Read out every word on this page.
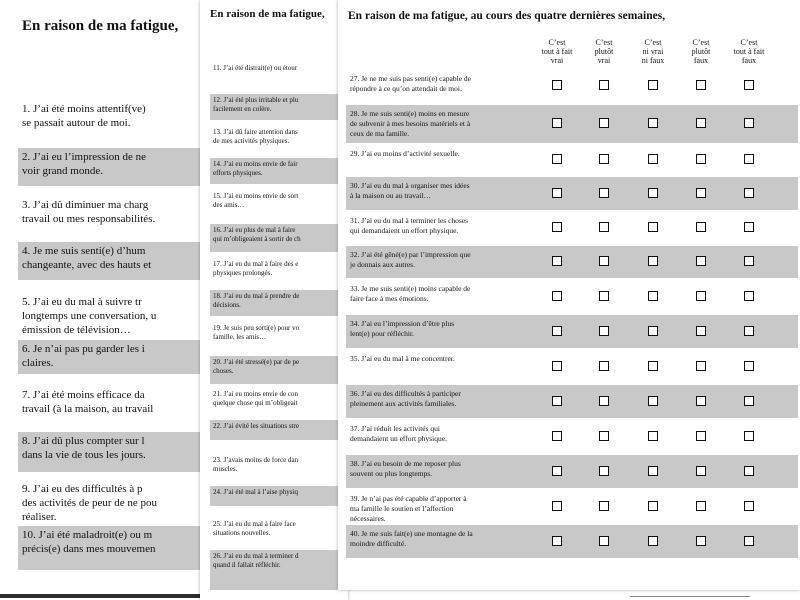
En raison de ma fatigue,
1. J’ai été moins attentif(ve)
se passait autour de moi.
2. J’ai eu l’impression de ne
voir grand monde.
3. J’ai dû diminuer ma charg
travail ou mes responsabilités.
4. Je me suis senti(e) d’hum
changeante, avec des hauts et
5. J’ai eu du mal à suivre tr
longtemps une conversation, u
émission de télévision…
6. Je n’ai pas pu garder les i
claires.
7. J’ai été moins efficace da
travail (à la maison, au travail
8. J’ai dû plus compter sur l
dans la vie de tous les jours.
9. J’ai eu des difficultés à p
des activités de peur de ne pou
réaliser.
10. J’ai été maladroit(e) ou m
précis(e) dans mes mouvemen
En raison de ma fatigue,
11. J’ai été distrait(e) ou étour
12. J’ai été plus irritable et plu
facilement en colère.
13. J’ai dû faire attention dans
de mes activités physiques.
14. J’ai eu moins envie de fair
efforts physiques.
15. J’ai eu moins envie de sort
des amis…
16. J’ai eu plus de mal à faire
qui m’obligeaient à sortir de ch
17. J’ai eu du mal à faire des e
physiques prolongés.
18. J’ai eu du mal à prendre de
décisions.
19. Je suis peu sorti(e) pour vo
famille, les amis…
20. J’ai été stressé(e) par de pe
choses.
21. J’ai eu moins envie de con
quelque chose qui m’obligeait
22. J’ai évité les situations stre
23. J’avais moins de force dan
muscles.
24. J’ai été mal à l’aise physiq
25. J’ai eu du mal à faire face
situations nouvelles.
26. J’ai eu du mal à terminer d
quand il fallait réfléchir.
En raison de ma fatigue, au cours des quatre dernières semaines,
C’est
tout à fait
vrai
C’est
plutôt
vrai
C’est
ni vrai
ni faux
C’est
plutôt
faux
C’est
tout à fait
faux
27. Je ne me suis pas senti(e) capable de
répondre à ce qu’on attendait de moi.
28. Je me suis senti(e) moins en mesure
de subvenir à mes besoins matériels et à
ceux de ma famille.
29. J’ai eu moins d’activité sexuelle.
30. J’ai eu du mal à organiser mes idées
à la maison ou au travail…
31. J’ai eu du mal à terminer les choses
qui demandaient un effort physique.
32. J’ai été gêné(e) par l’impression que
je donnais aux autres.
33. Je me suis senti(e) moins capable de
faire face à mes émotions.
34. J’ai eu l’impression d’être plus
lent(e) pour réfléchir.
35. J’ai eu du mal à me concentrer.
36. J’ai eu des difficultés à participer
pleinement aux activités familiales.
37. J’ai réduit les activités qui
demandaient un effort physique.
38. J’ai eu besoin de me reposer plus
souvent ou plus longtemps.
39. Je n’ai pas été capable d’apporter à
ma famille le soutien et l’affection
nécessaires.
40. Je me suis fait(e) une montagne de la
moindre difficulté.
